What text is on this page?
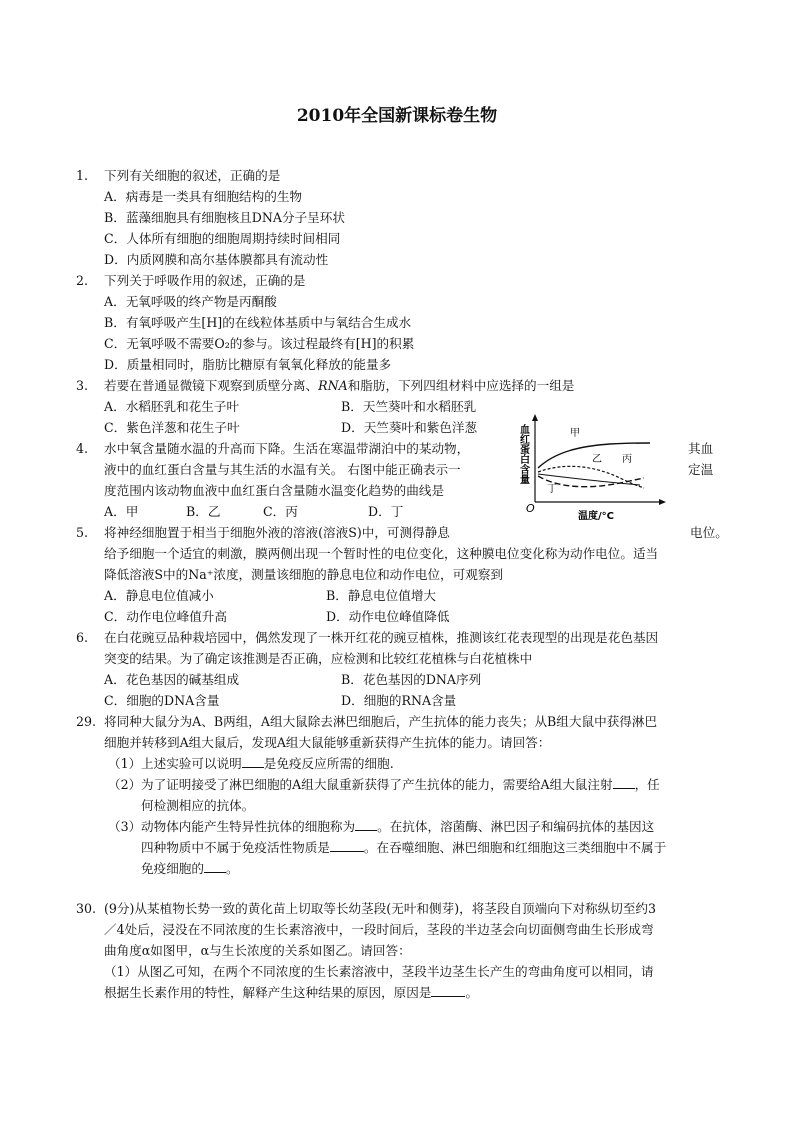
2010年全国新课标卷生物
1. 下列有关细胞的叙述，正确的是
A．病毒是一类具有细胞结构的生物
B．蓝藻细胞具有细胞核且DNA分子呈环状
C．人体所有细胞的细胞周期持续时间相同
D．内质网膜和高尔基体膜都具有流动性
2. 下列关于呼吸作用的叙述，正确的是
A．无氧呼吸的终产物是丙酮酸
B．有氧呼吸产生[H]的在线粒体基质中与氧结合生成水
C．无氧呼吸不需要O₂的参与。该过程最终有[H]的积累
D．质量相同时，脂肪比糖原有氧氧化释放的能量多
3. 若要在普通显微镜下观察到质壁分离、RNA和脂肪，下列四组材料中应选择的一组是
A．水稻胚乳和花生子叶	B．天竺葵叶和水稻胚乳
C．紫色洋葱和花生子叶	D．天竺葵叶和紫色洋葱
4. 水中氧含量随水温的升高而下降。生活在寒温带湖泊中的某动物，	其血
液中的血红蛋白含量与其生活的水温有关。 右图中能正确表示一	定温
度范围内该动物血液中血红蛋白含量随水温变化趋势的曲线是
A．甲	B．乙	C．丙	D．丁
血红蛋白含量
O
温度/°C
甲
乙 丙
丁
5. 将神经细胞置于相当于细胞外液的溶液(溶液S)中，可测得静息	电位。
给予细胞一个适宜的刺激，膜两侧出现一个暂时性的电位变化，这种膜电位变化称为动作电位。适当
降低溶液S中的Na⁺浓度，测量该细胞的静息电位和动作电位，可观察到
A．静息电位值减小	B．静息电位值增大
C．动作电位峰值升高	D．动作电位峰值降低
6. 在白花豌豆品种栽培园中，偶然发现了一株开红花的豌豆植株，推测该红花表现型的出现是花色基因
突变的结果。为了确定该推测是否正确，应检测和比较红花植株与白花植株中
A．花色基因的碱基组成	B．花色基因的DNA序列
C．细胞的DNA含量	D．细胞的RNA含量
29. 将同种大鼠分为A、B两组，A组大鼠除去淋巴细胞后，产生抗体的能力丧失；从B组大鼠中获得淋巴
细胞并转移到A组大鼠后，发现A组大鼠能够重新获得产生抗体的能力。请回答：
（1） 上述实验可以说明 是免疫反应所需的细胞.
（2） 为了证明接受了淋巴细胞的A组大鼠重新获得了产生抗体的能力，需要给A组大鼠注射 ，任
何检测相应的抗体。
（3） 动物体内能产生特异性抗体的细胞称为 。在抗体，溶菌酶、淋巴因子和编码抗体的基因这
四种物质中不属于免疫活性物质是	。在吞噬细胞、淋巴细胞和红细胞这三类细胞中不属于
免疫细胞的 。
30. (9分)从某植物长势一致的黄化苗上切取等长幼茎段(无叶和侧芽)，将茎段自顶端向下对称纵切至约3
／4处后，浸没在不同浓度的生长素溶液中，一段时间后，茎段的半边茎会向切面侧弯曲生长形成弯
曲角度α如图甲，α与生长浓度的关系如图乙。请回答：
（1）从图乙可知，在两个不同浓度的生长素溶液中，茎段半边茎生长产生的弯曲角度可以相同，请
根据生长素作用的特性，解释产生这种结果的原因，原因是	。
